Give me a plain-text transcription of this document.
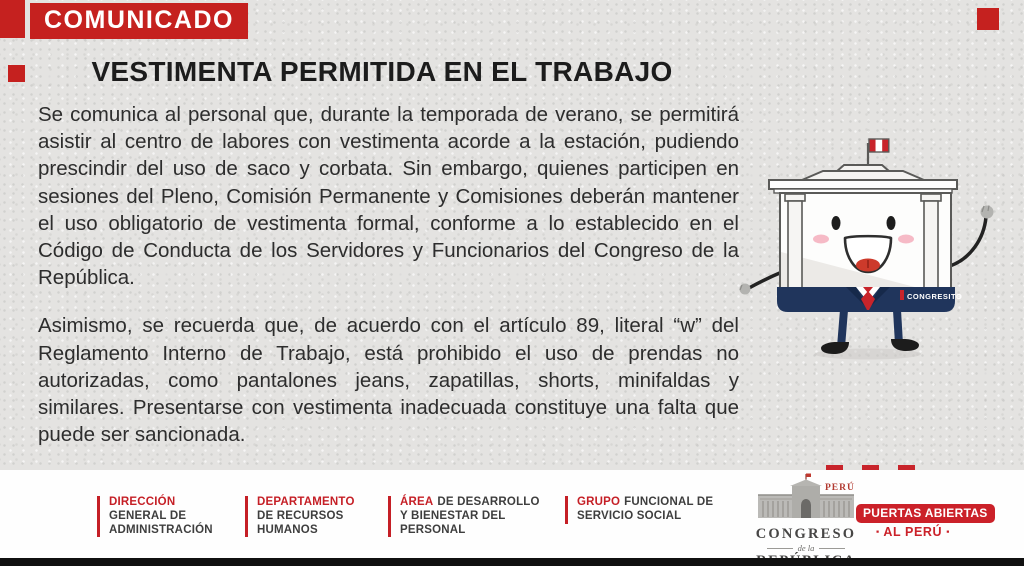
COMUNICADO
VESTIMENTA PERMITIDA EN EL TRABAJO

Se comunica al personal que, durante la temporada de verano, se permitirá asistir al centro de labores con vestimenta acorde a la estación, pudiendo prescindir del uso de saco y corbata. Sin embargo, quienes participen en sesiones del Pleno, Comisión Permanente y Comisiones deberán mantener el uso obligatorio de vestimenta formal, conforme a lo establecido en el Código de Conducta de los Servidores y Funcionarios del Congreso de la República.

Asimismo, se recuerda que, de acuerdo con el artículo 89, literal “w” del Reglamento Interno de Trabajo, está prohibido el uso de prendas no autorizadas, como pantalones jeans, zapatillas, shorts, minifaldas y similares. Presentarse con vestimenta inadecuada constituye una falta que puede ser sancionada.

CONGRESITO
DIRECCIÓN
GENERAL DE
ADMINISTRACIÓN
DEPARTAMENTO
DE RECURSOS
HUMANOS
ÁREA DE DESARROLLO
Y BIENESTAR DEL
PERSONAL
GRUPO FUNCIONAL DE
SERVICIO SOCIAL
PERÚ
CONGRESO
de la
PUERTAS ABIERTAS
▪ AL PERÚ ▪
